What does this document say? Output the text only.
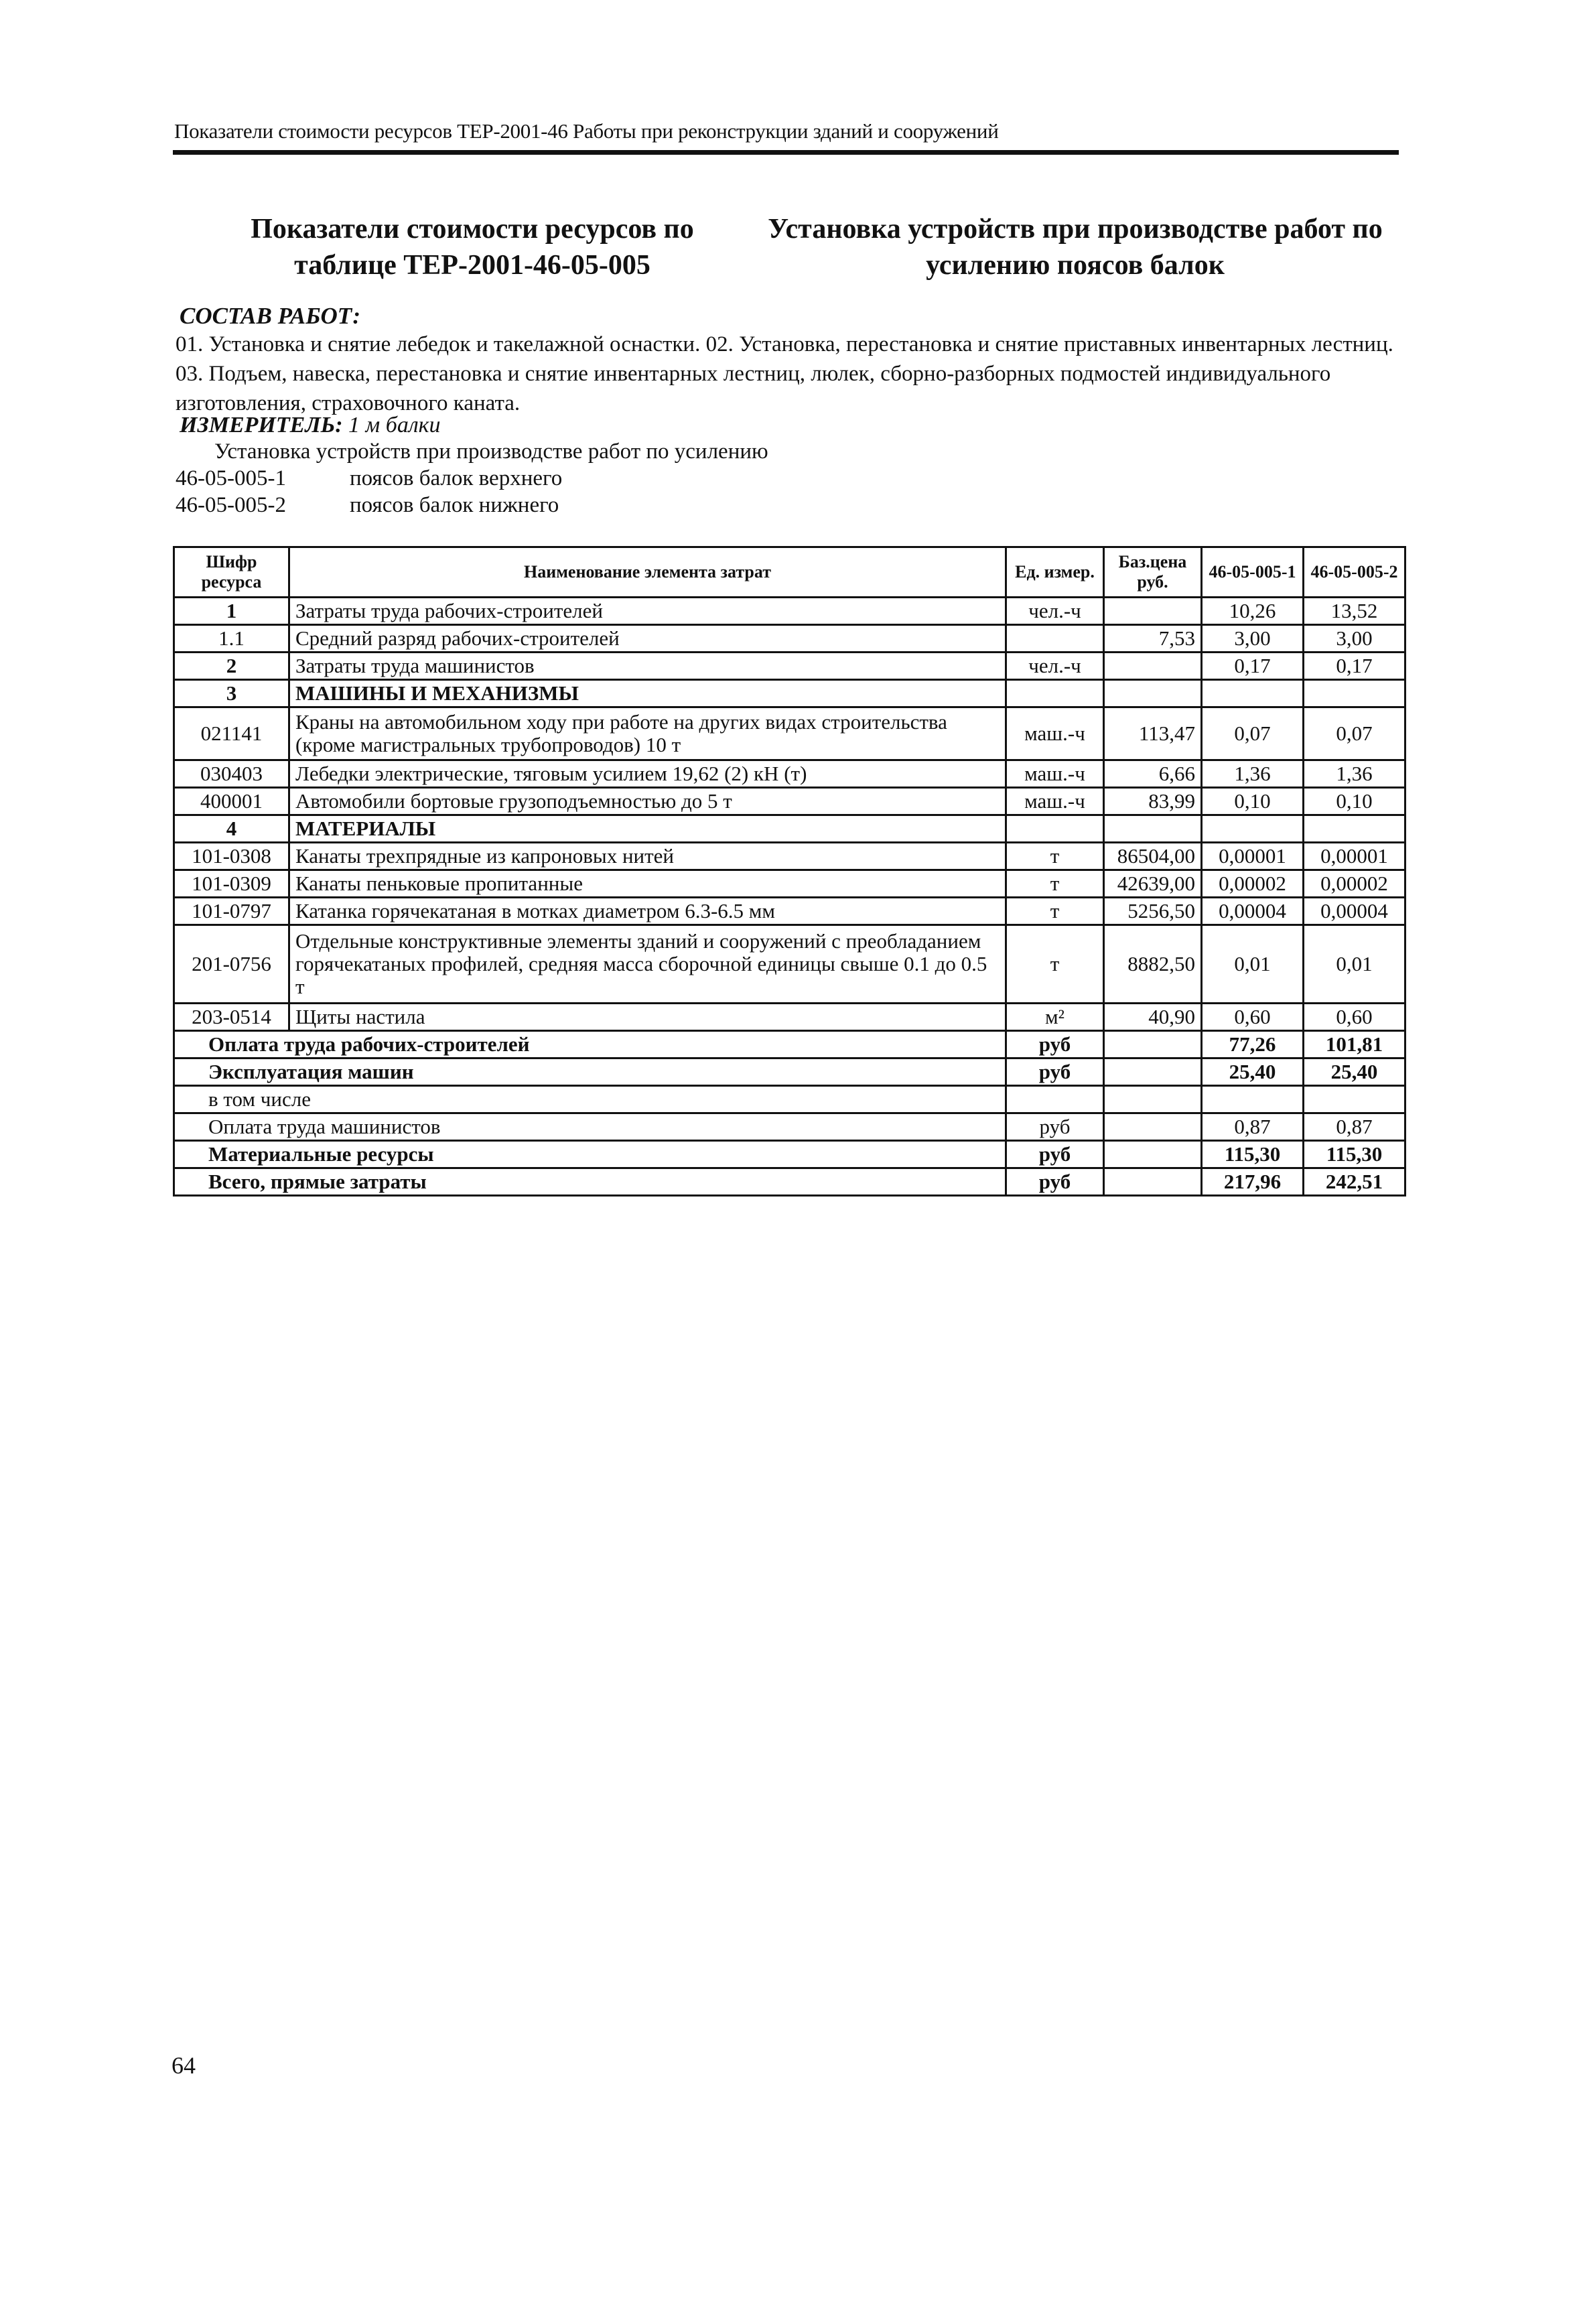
Показатели стоимости ресурсов ТЕР-2001-46 Работы при реконструкции зданий и сооружений
Показатели стоимости ресурсов по
таблице ТЕР-2001-46-05-005
Установка устройств при производстве работ по
усилению поясов балок
СОСТАВ РАБОТ:
01. Установка и снятие лебедок и такелажной оснастки. 02. Установка, перестановка и снятие приставных инвентарных лестниц. 03. Подъем, навеска, перестановка и снятие инвентарных лестниц, люлек, сборно-разборных подмостей индивидуального изготовления, страховочного каната.
ИЗМЕРИТЕЛЬ: 1 м балки
Установка устройств при производстве работ по усилению
46-05-005-1	поясов балок верхнего
46-05-005-2	поясов балок нижнего
Шифр ресурса	Наименование элемента затрат	Ед. измер.	Баз.цена руб.	46-05-005-1	46-05-005-2
1	Затраты труда рабочих-строителей	чел.-ч		10,26	13,52
1.1	Средний разряд рабочих-строителей		7,53	3,00	3,00
2	Затраты труда машинистов	чел.-ч		0,17	0,17
3	МАШИНЫ И МЕХАНИЗМЫ				
021141	Краны на автомобильном ходу при работе на других видах строительства (кроме магистральных трубопроводов) 10 т	маш.-ч	113,47	0,07	0,07
030403	Лебедки электрические, тяговым усилием 19,62 (2) кН (т)	маш.-ч	6,66	1,36	1,36
400001	Автомобили бортовые грузоподъемностью до 5 т	маш.-ч	83,99	0,10	0,10
4	МАТЕРИАЛЫ				
101-0308	Канаты трехпрядные из капроновых нитей	т	86504,00	0,00001	0,00001
101-0309	Канаты пеньковые пропитанные	т	42639,00	0,00002	0,00002
101-0797	Катанка горячекатаная в мотках диаметром 6.3-6.5 мм	т	5256,50	0,00004	0,00004
201-0756	Отдельные конструктивные элементы зданий и сооружений с преобладанием горячекатаных профилей, средняя масса сборочной единицы свыше 0.1 до 0.5 т	т	8882,50	0,01	0,01
203-0514	Щиты настила	м²	40,90	0,60	0,60
Оплата труда рабочих-строителей		руб		77,26	101,81
Эксплуатация машин		руб		25,40	25,40
в том числе					
Оплата труда машинистов		руб		0,87	0,87
Материальные ресурсы		руб		115,30	115,30
Всего, прямые затраты		руб		217,96	242,51
64
